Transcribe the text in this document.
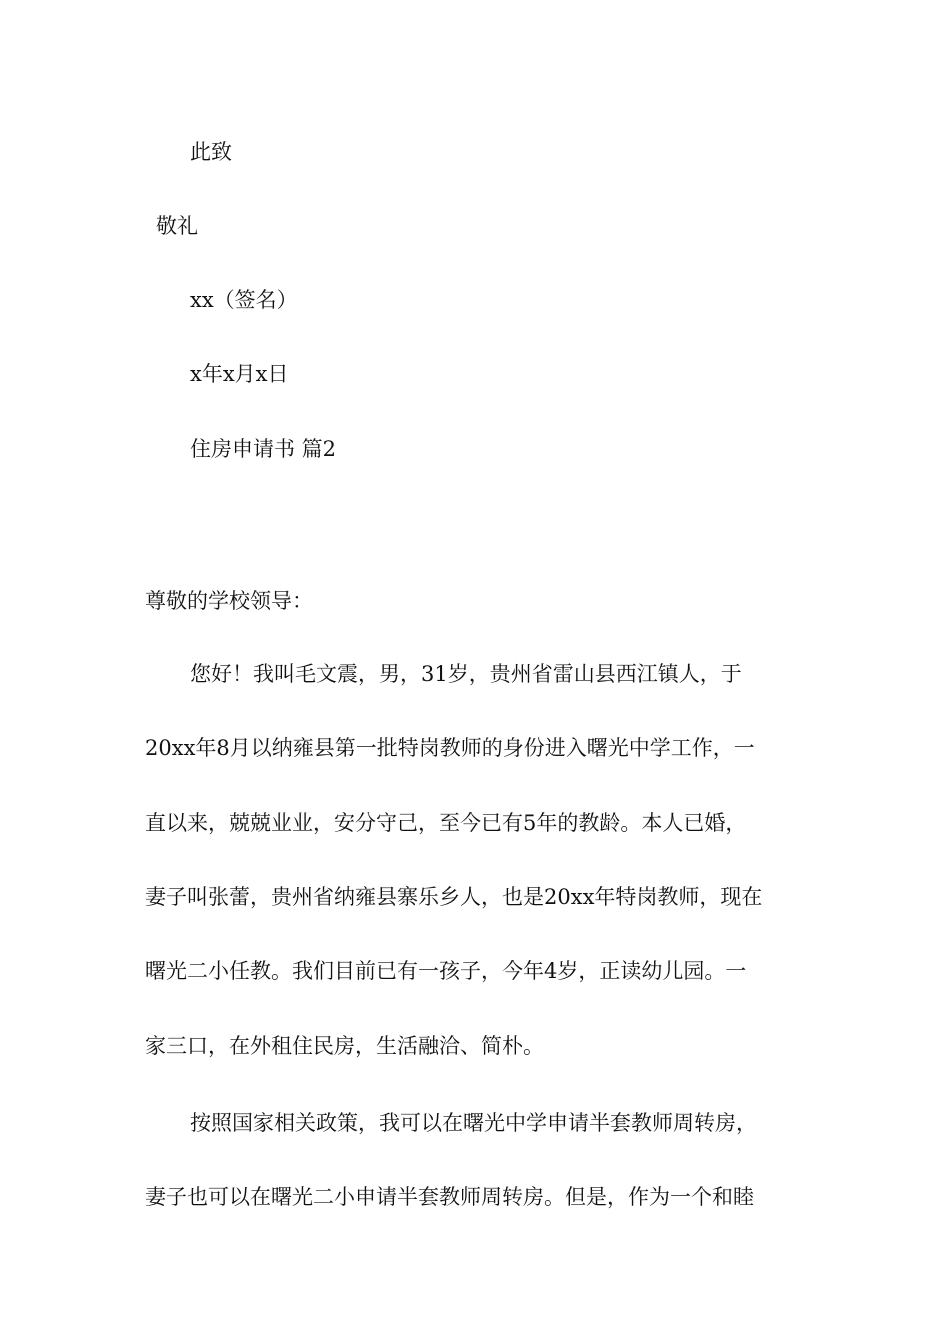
此致
敬礼
xx（签名）
x年x月x日
住房申请书 篇2
尊敬的学校领导：
您好！我叫毛文震，男，31岁，贵州省雷山县西江镇人，于
20xx年8月以纳雍县第一批特岗教师的身份进入曙光中学工作，一
直以来，兢兢业业，安分守己，至今已有5年的教龄。本人已婚，
妻子叫张蕾，贵州省纳雍县寨乐乡人，也是20xx年特岗教师，现在
曙光二小任教。我们目前已有一孩子，今年4岁，正读幼儿园。一
家三口，在外租住民房，生活融洽、简朴。
按照国家相关政策，我可以在曙光中学申请半套教师周转房，
妻子也可以在曙光二小申请半套教师周转房。但是，作为一个和睦
